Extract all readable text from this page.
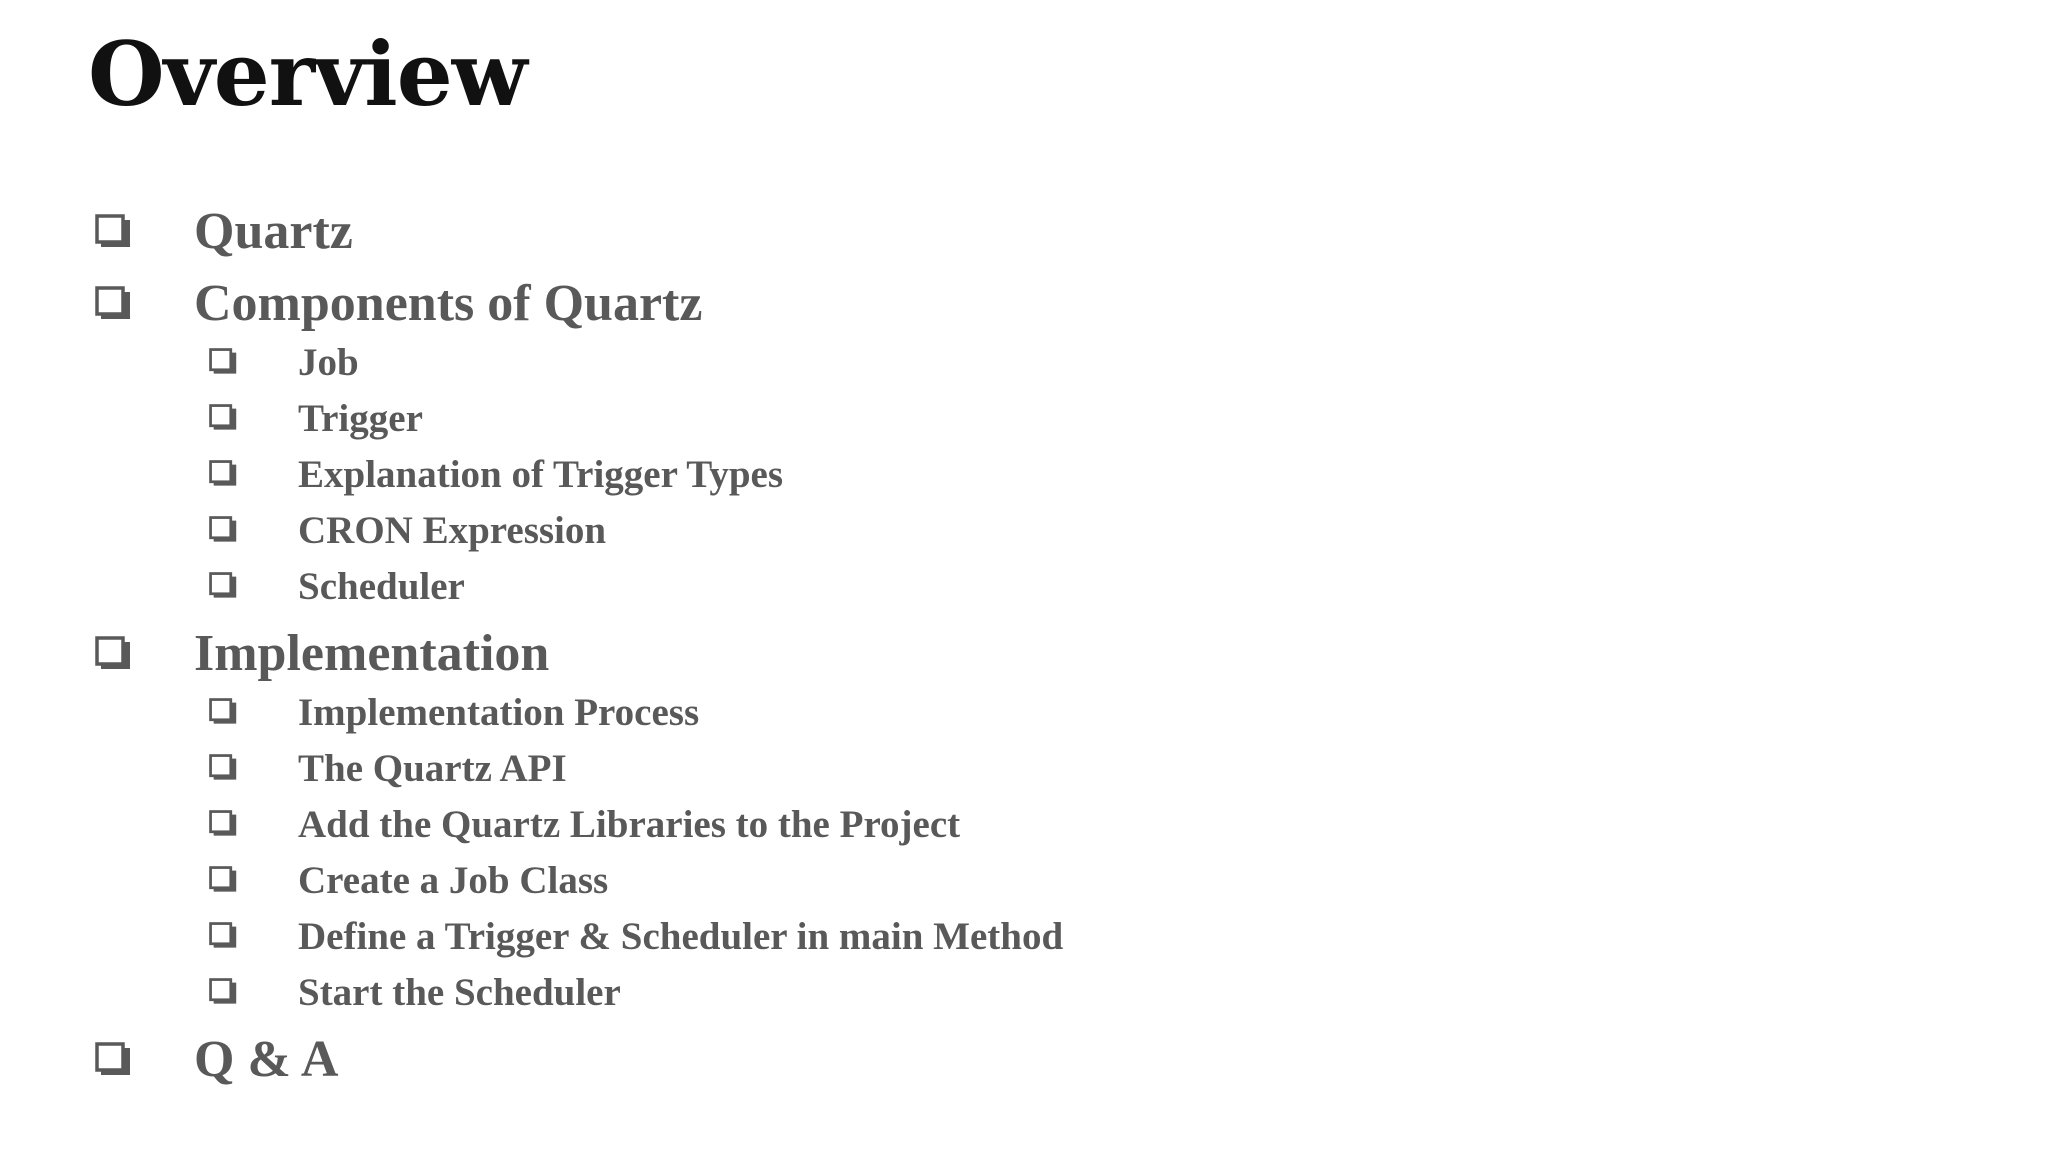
Overview
Quartz
Components of Quartz
Job
Trigger
Explanation of Trigger Types
CRON Expression
Scheduler
Implementation
Implementation Process
The Quartz API
Add the Quartz Libraries to the Project
Create a Job Class
Define a Trigger & Scheduler in main Method
Start the Scheduler
Q & A
